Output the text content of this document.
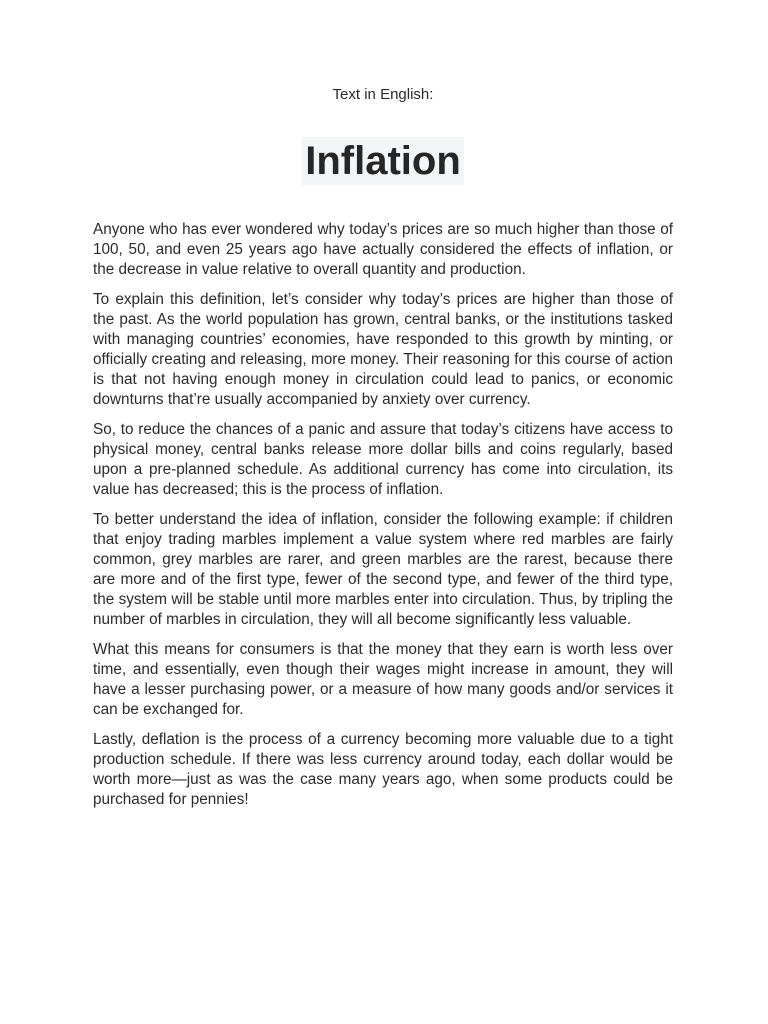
Text in English:

Inflation

Anyone who has ever wondered why today’s prices are so much higher than those of 100, 50, and even 25 years ago have actually considered the effects of inflation, or the decrease in value relative to overall quantity and production.

To explain this definition, let’s consider why today’s prices are higher than those of the past. As the world population has grown, central banks, or the institutions tasked with managing countries’ economies, have responded to this growth by minting, or officially creating and releasing, more money. Their reasoning for this course of action is that not having enough money in circulation could lead to panics, or economic downturns that’re usually accompanied by anxiety over currency.

So, to reduce the chances of a panic and assure that today’s citizens have access to physical money, central banks release more dollar bills and coins regularly, based upon a pre-planned schedule. As additional currency has come into circulation, its value has decreased; this is the process of inflation.

To better understand the idea of inflation, consider the following example: if children that enjoy trading marbles implement a value system where red marbles are fairly common, grey marbles are rarer, and green marbles are the rarest, because there are more and of the first type, fewer of the second type, and fewer of the third type, the system will be stable until more marbles enter into circulation. Thus, by tripling the number of marbles in circulation, they will all become significantly less valuable.

What this means for consumers is that the money that they earn is worth less over time, and essentially, even though their wages might increase in amount, they will have a lesser purchasing power, or a measure of how many goods and/or services it can be exchanged for.

Lastly, deflation is the process of a currency becoming more valuable due to a tight production schedule. If there was less currency around today, each dollar would be worth more—just as was the case many years ago, when some products could be purchased for pennies!
